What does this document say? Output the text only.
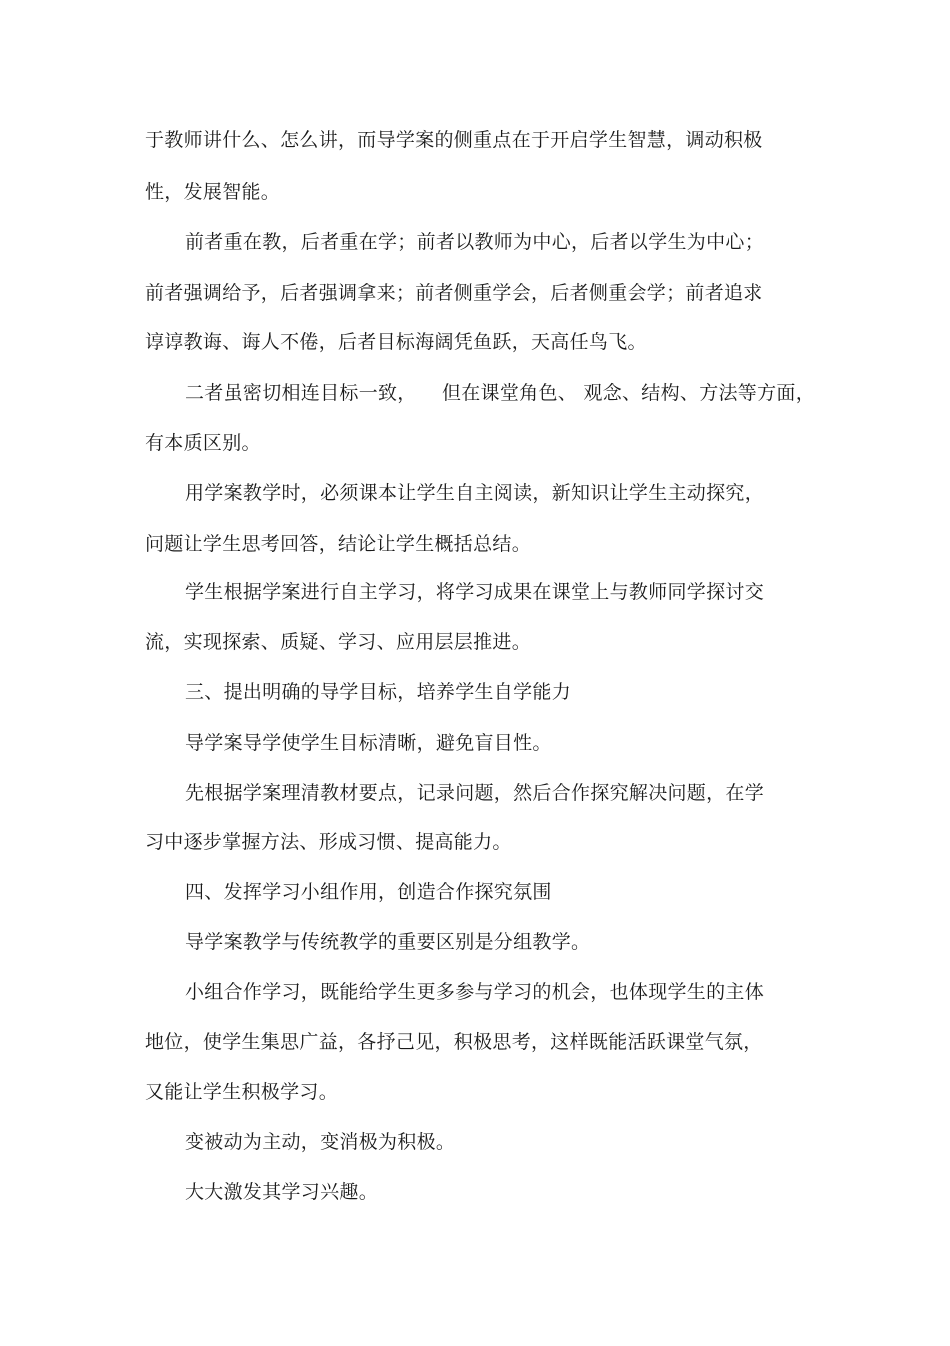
于教师讲什么、怎么讲，而导学案的侧重点在于开启学生智慧，调动积极
性，发展智能。
前者重在教，后者重在学；前者以教师为中心，后者以学生为中心；
前者强调给予，后者强调拿来；前者侧重学会，后者侧重会学；前者追求
谆谆教诲、诲人不倦，后者目标海阔凭鱼跃，天高任鸟飞。
二者虽密切相连目标一致，    但在课堂角色、 观念、结构、方法等方面，
有本质区别。
用学案教学时，必须课本让学生自主阅读，新知识让学生主动探究，
问题让学生思考回答，结论让学生概括总结。
学生根据学案进行自主学习，将学习成果在课堂上与教师同学探讨交
流，实现探索、质疑、学习、应用层层推进。
三、提出明确的导学目标，培养学生自学能力
导学案导学使学生目标清晰，避免盲目性。
先根据学案理清教材要点，记录问题，然后合作探究解决问题，在学
习中逐步掌握方法、形成习惯、提高能力。
四、发挥学习小组作用，创造合作探究氛围
导学案教学与传统教学的重要区别是分组教学。
小组合作学习，既能给学生更多参与学习的机会，也体现学生的主体
地位，使学生集思广益，各抒己见，积极思考，这样既能活跃课堂气氛，
又能让学生积极学习。
变被动为主动，变消极为积极。
大大激发其学习兴趣。
